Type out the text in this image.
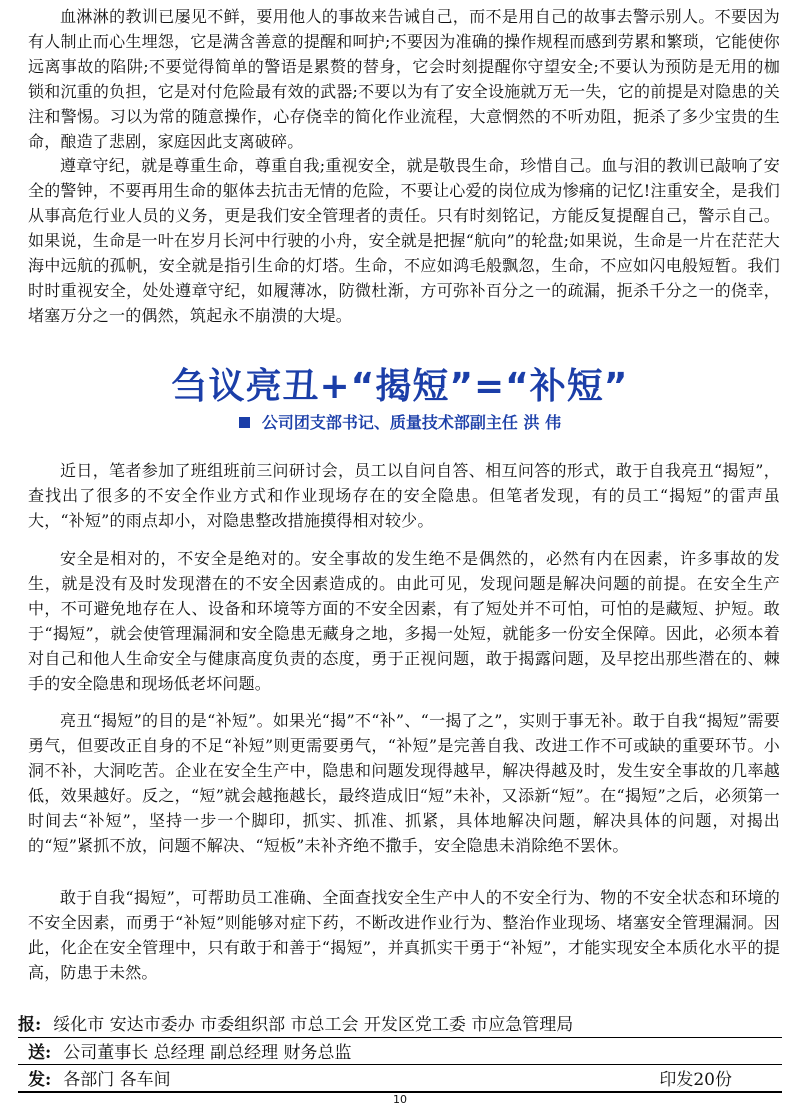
血淋淋的教训已屡见不鲜，要用他人的事故来告诫自己，而不是用自己的故事去警示别人。不要因为有人制止而心生埋怨，它是满含善意的提醒和呵护;不要因为准确的操作规程而感到劳累和繁琐，它能使你远离事故的陷阱;不要觉得简单的警语是累赘的替身，它会时刻提醒你守望安全;不要认为预防是无用的枷锁和沉重的负担，它是对付危险最有效的武器;不要以为有了安全设施就万无一失，它的前提是对隐患的关注和警惕。习以为常的随意操作，心存侥幸的简化作业流程，大意惘然的不听劝阻，扼杀了多少宝贵的生命，酿造了悲剧，家庭因此支离破碎。

遵章守纪，就是尊重生命，尊重自我;重视安全，就是敬畏生命，珍惜自己。血与泪的教训已敲响了安全的警钟，不要再用生命的躯体去抗击无情的危险，不要让心爱的岗位成为惨痛的记忆!注重安全，是我们从事高危行业人员的义务，更是我们安全管理者的责任。只有时刻铭记，方能反复提醒自己，警示自己。如果说，生命是一叶在岁月长河中行驶的小舟，安全就是把握“航向”的轮盘;如果说，生命是一片在茫茫大海中远航的孤帆，安全就是指引生命的灯塔。生命，不应如鸿毛般飘忽，生命，不应如闪电般短暂。我们时时重视安全，处处遵章守纪，如履薄冰，防微杜渐，方可弥补百分之一的疏漏，扼杀千分之一的侥幸，堵塞万分之一的偶然，筑起永不崩溃的大堤。

刍议亮丑+“揭短”=“补短”
公司团支部书记、质量技术部副主任 洪 伟

近日，笔者参加了班组班前三问研讨会，员工以自问自答、相互问答的形式，敢于自我亮丑“揭短”，查找出了很多的不安全作业方式和作业现场存在的安全隐患。但笔者发现，有的员工“揭短”的雷声虽大，“补短”的雨点却小，对隐患整改措施摸得相对较少。

安全是相对的，不安全是绝对的。安全事故的发生绝不是偶然的，必然有内在因素，许多事故的发生，就是没有及时发现潜在的不安全因素造成的。由此可见，发现问题是解决问题的前提。在安全生产中，不可避免地存在人、设备和环境等方面的不安全因素，有了短处并不可怕，可怕的是藏短、护短。敢于“揭短”，就会使管理漏洞和安全隐患无藏身之地，多揭一处短，就能多一份安全保障。因此，必须本着对自己和他人生命安全与健康高度负责的态度，勇于正视问题，敢于揭露问题，及早挖出那些潜在的、棘手的安全隐患和现场低老坏问题。

亮丑“揭短”的目的是“补短”。如果光“揭”不“补”、“一揭了之”，实则于事无补。敢于自我“揭短”需要勇气，但要改正自身的不足“补短”则更需要勇气，“补短”是完善自我、改进工作不可或缺的重要环节。小洞不补，大洞吃苦。企业在安全生产中，隐患和问题发现得越早，解决得越及时，发生安全事故的几率越低，效果越好。反之，“短”就会越拖越长，最终造成旧“短”未补，又添新“短”。在“揭短”之后，必须第一时间去“补短”，坚持一步一个脚印，抓实、抓准、抓紧，具体地解决问题，解决具体的问题，对揭出的“短”紧抓不放，问题不解决、“短板”未补齐绝不撒手，安全隐患未消除绝不罢休。

敢于自我“揭短”，可帮助员工准确、全面查找安全生产中人的不安全行为、物的不安全状态和环境的不安全因素，而勇于“补短”则能够对症下药，不断改进作业行为、整治作业现场、堵塞安全管理漏洞。因此，化企在安全管理中，只有敢于和善于“揭短”，并真抓实干勇于“补短”，才能实现安全本质化水平的提高，防患于未然。

报: 绥化市 安达市委办 市委组织部 市总工会 开发区党工委 市应急管理局
送: 公司董事长 总经理 副总经理 财务总监
发: 各部门 各车间	印发20份
10
